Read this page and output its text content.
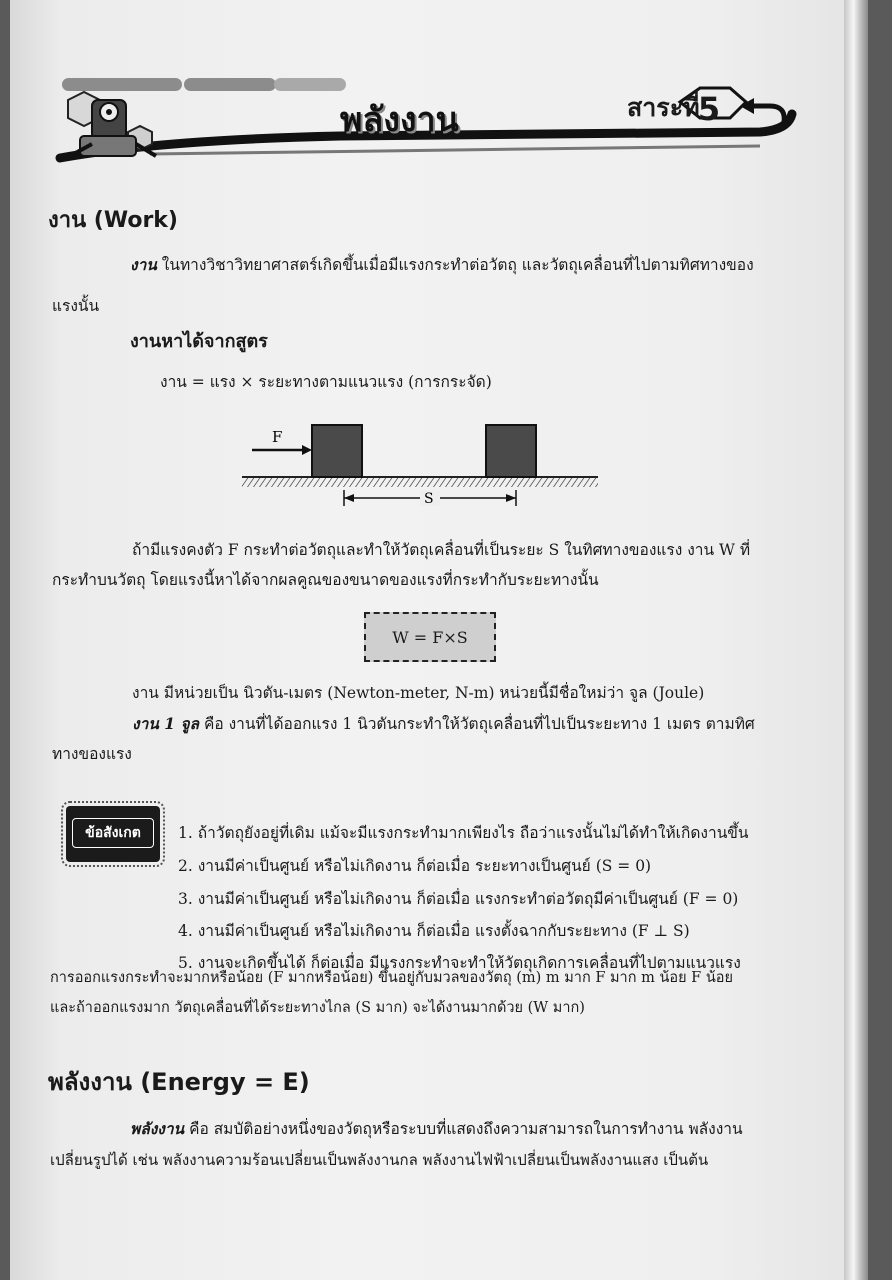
พลังงาน	สาระที่
5
งาน (Work)
งาน ในทางวิชาวิทยาศาสตร์เกิดขึ้นเมื่อมีแรงกระทำต่อวัตถุ และวัตถุเคลื่อนที่ไปตามทิศทางของ
แรงนั้น
งานหาได้จากสูตร
งาน = แรง × ระยะทางตามแนวแรง (การกระจัด)
F
S
ถ้ามีแรงคงตัว F กระทำต่อวัตถุและทำให้วัตถุเคลื่อนที่เป็นระยะ S ในทิศทางของแรง งาน W ที่
กระทำบนวัตถุ โดยแรงนี้หาได้จากผลคูณของขนาดของแรงที่กระทำกับระยะทางนั้น
W = F×S
งาน มีหน่วยเป็น นิวตัน-เมตร (Newton-meter, N-m) หน่วยนี้มีชื่อใหม่ว่า จูล (Joule)
งาน 1 จูล คือ งานที่ได้ออกแรง 1 นิวตันกระทำให้วัตถุเคลื่อนที่ไปเป็นระยะทาง 1 เมตร ตามทิศ
ทางของแรง
ข้อสังเกต	1. ถ้าวัตถุยังอยู่ที่เดิม แม้จะมีแรงกระทำมากเพียงไร ถือว่าแรงนั้นไม่ได้ทำให้เกิดงานขึ้น
2. งานมีค่าเป็นศูนย์ หรือไม่เกิดงาน ก็ต่อเมื่อ ระยะทางเป็นศูนย์ (S = 0)
3. งานมีค่าเป็นศูนย์ หรือไม่เกิดงาน ก็ต่อเมื่อ แรงกระทำต่อวัตถุมีค่าเป็นศูนย์ (F = 0)
4. งานมีค่าเป็นศูนย์ หรือไม่เกิดงาน ก็ต่อเมื่อ แรงตั้งฉากกับระยะทาง (F ⊥ S)
5. งานจะเกิดขึ้นได้ ก็ต่อเมื่อ มีแรงกระทำจะทำให้วัตถุเกิดการเคลื่อนที่ไปตามแนวแรง
การออกแรงกระทำจะมากหรือน้อย (F มากหรือน้อย) ขึ้นอยู่กับมวลของวัตถุ (m) m มาก F มาก m น้อย F น้อย
และถ้าออกแรงมาก วัตถุเคลื่อนที่ได้ระยะทางไกล (S มาก) จะได้งานมากด้วย (W มาก)
พลังงาน (Energy = E)
พลังงาน คือ สมบัติอย่างหนึ่งของวัตถุหรือระบบที่แสดงถึงความสามารถในการทำงาน พลังงาน
เปลี่ยนรูปได้ เช่น พลังงานความร้อนเปลี่ยนเป็นพลังงานกล พลังงานไฟฟ้าเปลี่ยนเป็นพลังงานแสง เป็นต้น
